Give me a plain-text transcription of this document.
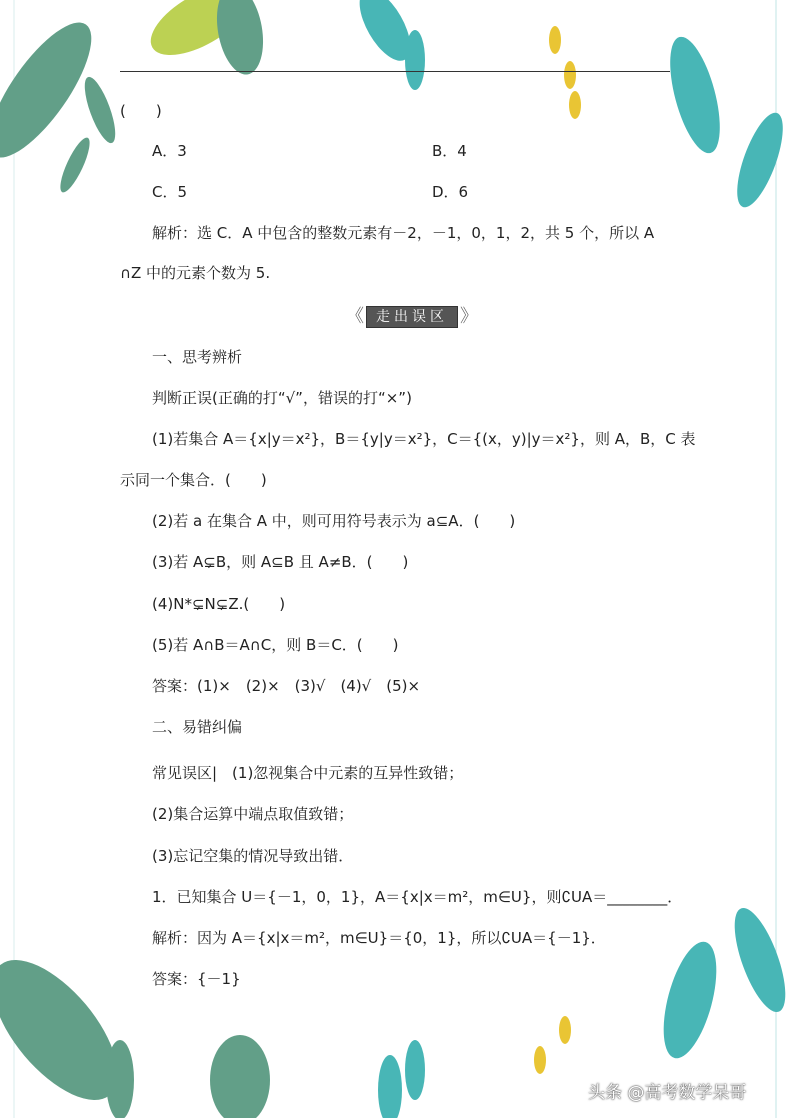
(　　)
A．3	B．4
C．5	D．6
解析：选 C．A 中包含的整数元素有－2，－1，0，1，2，共 5 个，所以 A
∩Z 中的元素个数为 5.
《 走出误区 》
一、思考辨析
判断正误(正确的打“√”，错误的打“×”)
(1)若集合 A＝{x|y＝x²}，B＝{y|y＝x²}，C＝{(x，y)|y＝x²}，则 A，B，C 表
示同一个集合．(　　)
(2)若 a 在集合 A 中，则可用符号表示为 a⊆A．(　　)
(3)若 A⊊B，则 A⊆B 且 A≠B．(　　)
(4)N*⊊N⊊Z.(　　)
(5)若 A∩B＝A∩C，则 B＝C．(　　)
答案：(1)×　(2)×　(3)√　(4)√　(5)×
二、易错纠偏
常见误区|　(1)忽视集合中元素的互异性致错；
(2)集合运算中端点取值致错；
(3)忘记空集的情况导致出错．
1．已知集合 U＝{－1，0，1}，A＝{x|x＝m²，m∈U}，则∁UA＝________．
解析：因为 A＝{x|x＝m²，m∈U}＝{0，1}，所以∁UA＝{－1}．
答案：{－1}
头条 @高考数学呆哥
